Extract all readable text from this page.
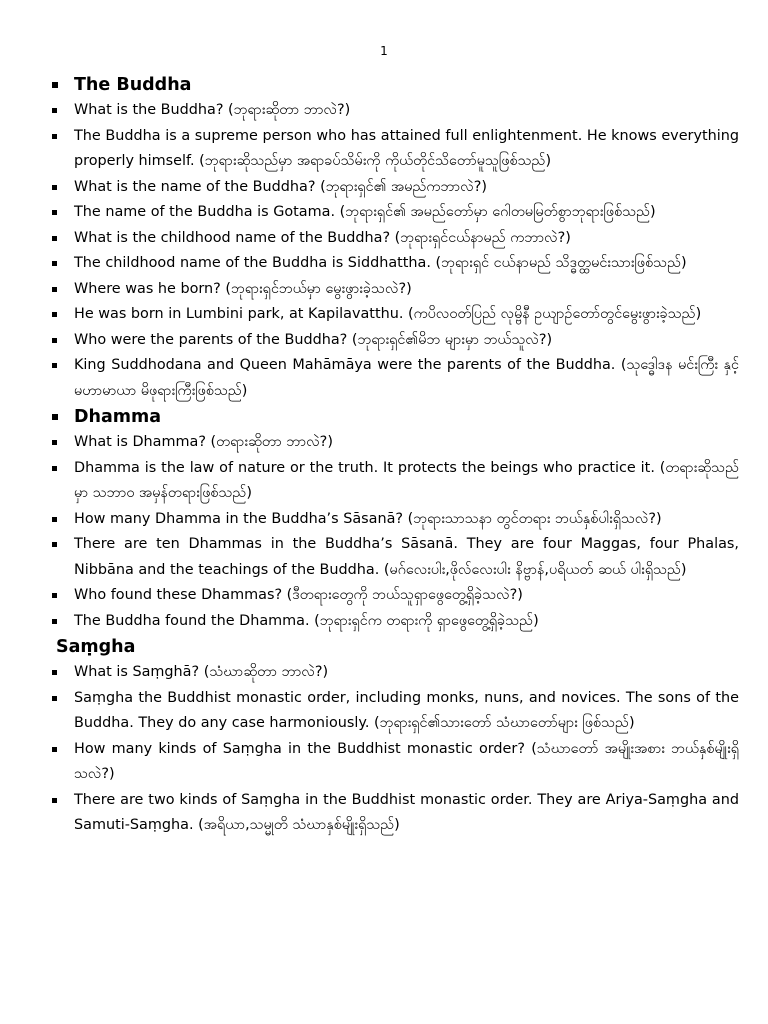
1
The Buddha
What is the Buddha? (ဘုရားဆိုတာ ဘာလဲ?)
The Buddha is a supreme person who has attained full enlightenment. He knows everything properly himself. (ဘုရားဆိုသည်မှာ အရာခပ်သိမ်းကို ကိုယ်တိုင်သိတော်မူသူဖြစ်သည်)
What is the name of the Buddha? (ဘုရားရှင်၏ အမည်ကဘာလဲ?)
The name of the Buddha is Gotama. (ဘုရားရှင်၏ အမည်တော်မှာ ဂေါတမမြတ်စွာဘုရားဖြစ်သည်)
What is the childhood name of the Buddha? (ဘုရားရှင်ငယ်နာမည် ကဘာလဲ?)
The childhood name of the Buddha is Siddhattha. (ဘုရားရှင် ငယ်နာမည် သိဒ္ဓတ္ထမင်းသားဖြစ်သည်)
Where was he born? (ဘုရားရှင်ဘယ်မှာ မွေးဖွားခဲ့သလဲ?)
He was born in Lumbini park, at Kapilavatthu. (ကပိလဝတ်ပြည် လုမ္ဗိနီ ဥယျာဉ်တော်တွင်မွေးဖွားခဲ့သည်)
Who were the parents of the Buddha? (ဘုရားရှင်၏မိဘ များမှာ ဘယ်သူလဲ?)
King Suddhodana and Queen Mahāmāya were the parents of the Buddha. (သုဒ္ဓေါဒန မင်းကြီး နှင့်မဟာမာယာ မိဖုရားကြီးဖြစ်သည်)
Dhamma
What is Dhamma? (တရားဆိုတာ ဘာလဲ?)
Dhamma is the law of nature or the truth. It protects the beings who practice it. (တရားဆိုသည်မှာ သဘာဝ အမှန်တရားဖြစ်သည်)
How many Dhamma in the Buddha’s Sāsanā? (ဘုရားသာသနာ တွင်တရား ဘယ်နှစ်ပါးရှိသလဲ?)
There are ten Dhammas in the Buddha’s Sāsanā. They are four Maggas, four Phalas, Nibbāna and the teachings of the Buddha. (မဂ်လေးပါး,ဖိုလ်လေးပါး နိဗ္ဗာန်,ပရိယတ် ဆယ် ပါးရှိသည်)
Who found these Dhammas? (ဒီတရားတွေကို ဘယ်သူရှာဖွေတွေ့ရှိခဲ့သလဲ?)
The Buddha found the Dhamma. (ဘုရားရှင်က တရားကို ရှာဖွေတွေ့ရှိခဲ့သည်)
Saṃgha
What is Saṃghā? (သံဃာဆိုတာ ဘာလဲ?)
Saṃgha the Buddhist monastic order, including monks, nuns, and novices. The sons of the Buddha. They do any case harmoniously. (ဘုရားရှင်၏သားတော် သံဃာတော်များ ဖြစ်သည်)
How many kinds of Saṃgha in the Buddhist monastic order? (သံဃာတော် အမျိုးအစား ဘယ်နှစ်မျိုးရှိသလဲ?)
There are two kinds of Saṃgha in the Buddhist monastic order. They are Ariya-Saṃgha and Samuti-Saṃgha. (အရိယာ,သမ္မုတိ သံဃာနှစ်မျိုးရှိသည်)
